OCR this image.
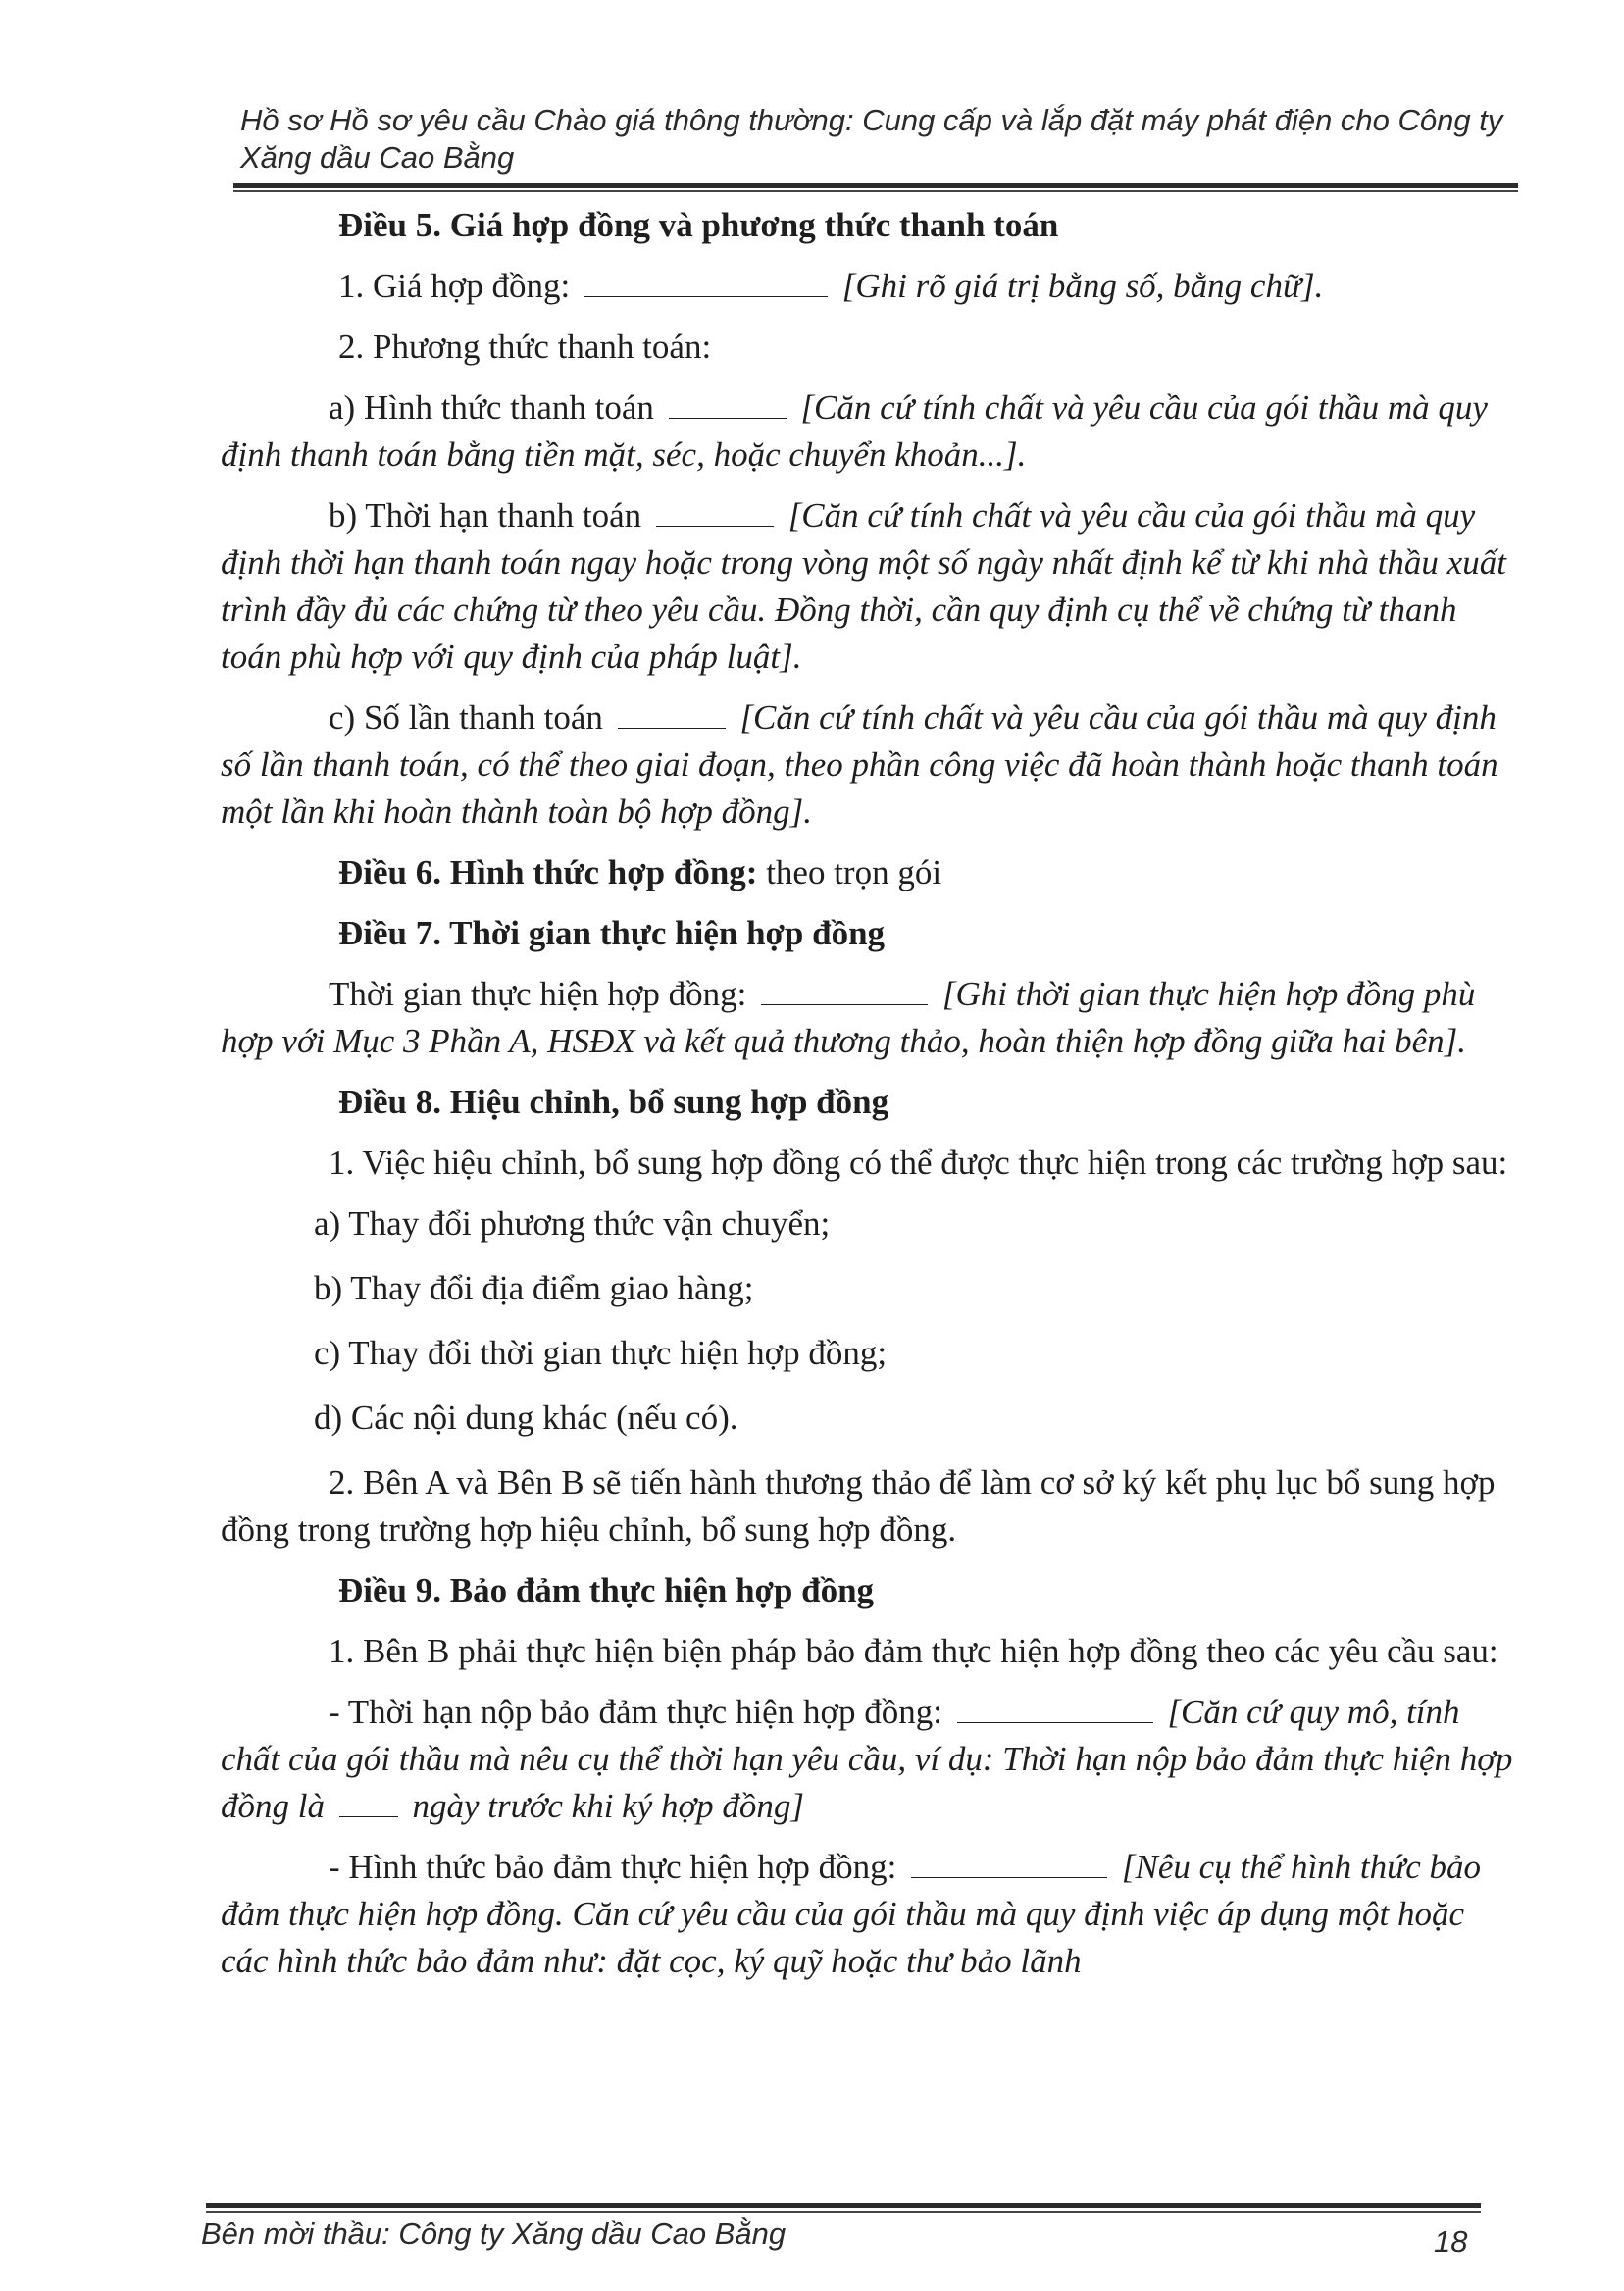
Hồ sơ Hồ sơ yêu cầu Chào giá thông thường: Cung cấp và lắp đặt máy phát điện cho Công ty
Xăng dầu Cao Bằng

Điều 5. Giá hợp đồng và phương thức thanh toán

1. Giá hợp đồng:	[Ghi rõ giá trị bằng số, bằng chữ].

2. Phương thức thanh toán:

a) Hình thức thanh toán	[Căn cứ tính chất và yêu cầu của gói thầu mà quy định thanh toán bằng tiền mặt, séc, hoặc chuyển khoản...].

b) Thời hạn thanh toán	[Căn cứ tính chất và yêu cầu của gói thầu mà quy định thời hạn thanh toán ngay hoặc trong vòng một số ngày nhất định kể từ khi nhà thầu xuất trình đầy đủ các chứng từ theo yêu cầu. Đồng thời, cần quy định cụ thể về chứng từ thanh toán phù hợp với quy định của pháp luật].

c) Số lần thanh toán	[Căn cứ tính chất và yêu cầu của gói thầu mà quy định số lần thanh toán, có thể theo giai đoạn, theo phần công việc đã hoàn thành hoặc thanh toán một lần khi hoàn thành toàn bộ hợp đồng].

Điều 6. Hình thức hợp đồng: theo trọn gói

Điều 7. Thời gian thực hiện hợp đồng

Thời gian thực hiện hợp đồng:	[Ghi thời gian thực hiện hợp đồng phù hợp với Mục 3 Phần A, HSĐX và kết quả thương thảo, hoàn thiện hợp đồng giữa hai bên].

Điều 8. Hiệu chỉnh, bổ sung hợp đồng

1. Việc hiệu chỉnh, bổ sung hợp đồng có thể được thực hiện trong các trường hợp sau:

a) Thay đổi phương thức vận chuyển;

b) Thay đổi địa điểm giao hàng;

c) Thay đổi thời gian thực hiện hợp đồng;

d) Các nội dung khác (nếu có).

2. Bên A và Bên B sẽ tiến hành thương thảo để làm cơ sở ký kết phụ lục bổ sung hợp đồng trong trường hợp hiệu chỉnh, bổ sung hợp đồng.

Điều 9. Bảo đảm thực hiện hợp đồng

1. Bên B phải thực hiện biện pháp bảo đảm thực hiện hợp đồng theo các yêu cầu sau:

- Thời hạn nộp bảo đảm thực hiện hợp đồng:	[Căn cứ quy mô, tính chất của gói thầu mà nêu cụ thể thời hạn yêu cầu, ví dụ: Thời hạn nộp bảo đảm thực hiện hợp đồng là	ngày trước khi ký hợp đồng]

- Hình thức bảo đảm thực hiện hợp đồng:	[Nêu cụ thể hình thức bảo đảm thực hiện hợp đồng. Căn cứ yêu cầu của gói thầu mà quy định việc áp dụng một hoặc các hình thức bảo đảm như: đặt cọc, ký quỹ hoặc thư bảo lãnh

Bên mời thầu: Công ty Xăng dầu Cao Bằng	18
